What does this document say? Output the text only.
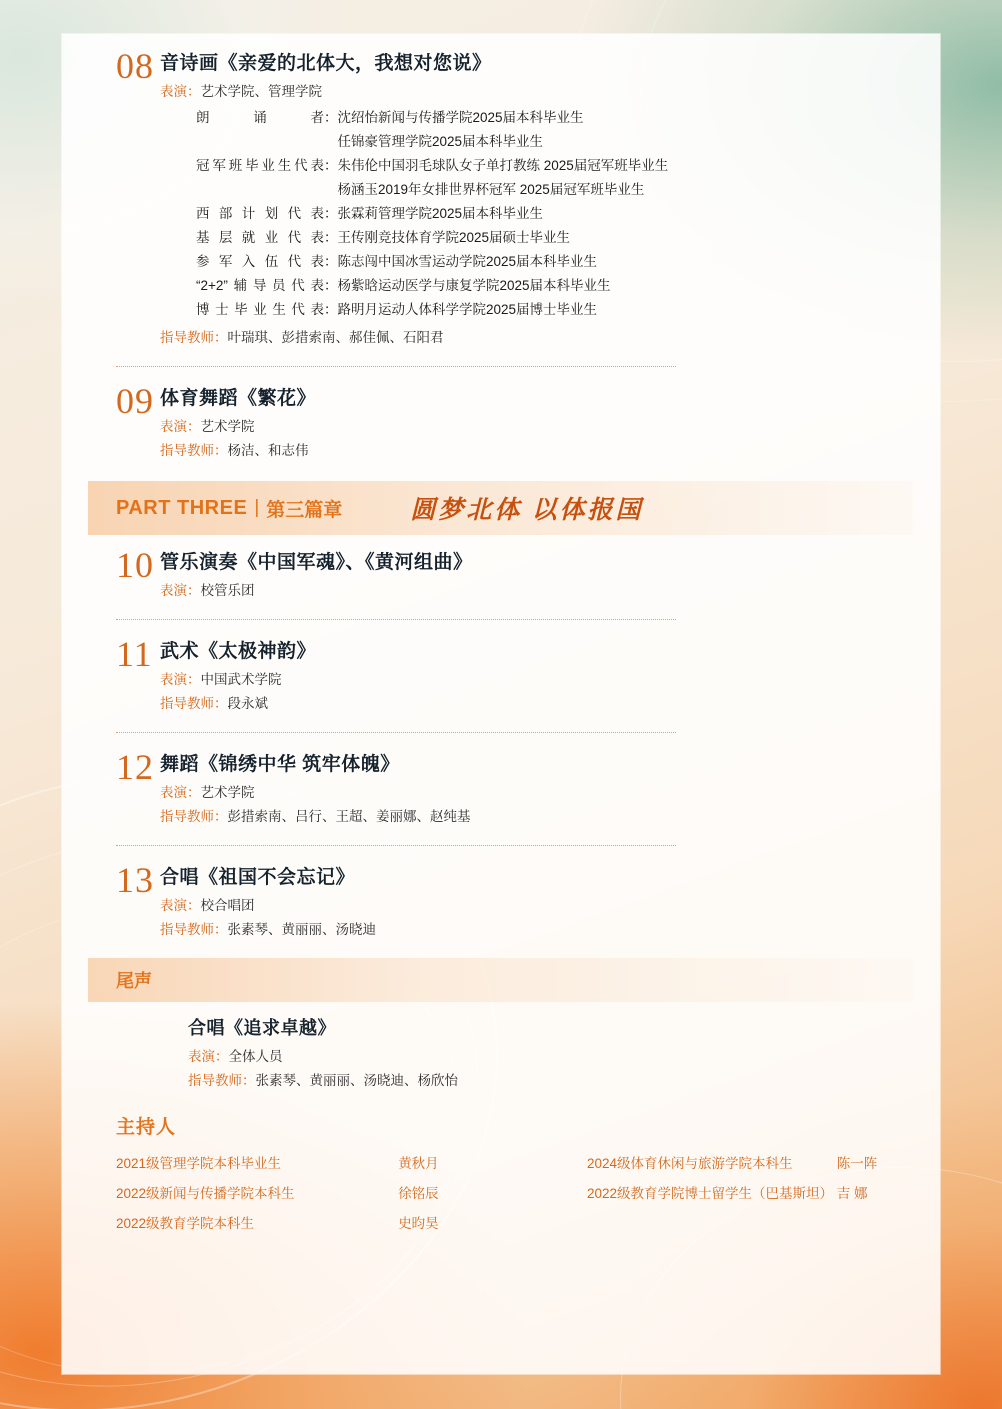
08 音诗画《亲爱的北体大，我想对您说》
表演：艺术学院、管理学院
朗诵者	：	沈绍怡	新闻与传播学院2025届本科毕业生
		任锦豪	管理学院2025届本科毕业生
冠军班毕业生代表	：	朱伟伦	中国羽毛球队女子单打教练 2025届冠军班毕业生
		杨涵玉	2019年女排世界杯冠军 2025届冠军班毕业生
西部计划代表	：	张霖莉	管理学院2025届本科毕业生
基层就业代表	：	王传刚	竞技体育学院2025届硕士毕业生
参军入伍代表	：	陈志闯	中国冰雪运动学院2025届本科毕业生
“2+2”辅导员代表	：	杨紫晗	运动医学与康复学院2025届本科毕业生
博士毕业生代表	：	路明月	运动人体科学学院2025届博士毕业生
指导教师：叶瑞琪、彭措索南、郝佳佩、石阳君
09 体育舞蹈《繁花》
表演：艺术学院
指导教师：杨洁、和志伟
PART THREE | 第三篇章	圆梦北体 以体报国
10 管乐演奏《中国军魂》、《黄河组曲》
表演：校管乐团
11 武术《太极神韵》
表演：中国武术学院
指导教师：段永斌
12 舞蹈《锦绣中华 筑牢体魄》
表演：艺术学院
指导教师：彭措索南、吕行、王超、姜丽娜、赵纯基
13 合唱《祖国不会忘记》
表演：校合唱团
指导教师：张素琴、黄丽丽、汤晓迪
尾声
合唱《追求卓越》
表演：全体人员
指导教师：张素琴、黄丽丽、汤晓迪、杨欣怡
主持人
2021级管理学院本科毕业生	黄秋月	2024级体育休闲与旅游学院本科生	陈一阵
2022级新闻与传播学院本科生	徐铭辰	2022级教育学院博士留学生（巴基斯坦）	吉 娜
2022级教育学院本科生	史昀昊		
